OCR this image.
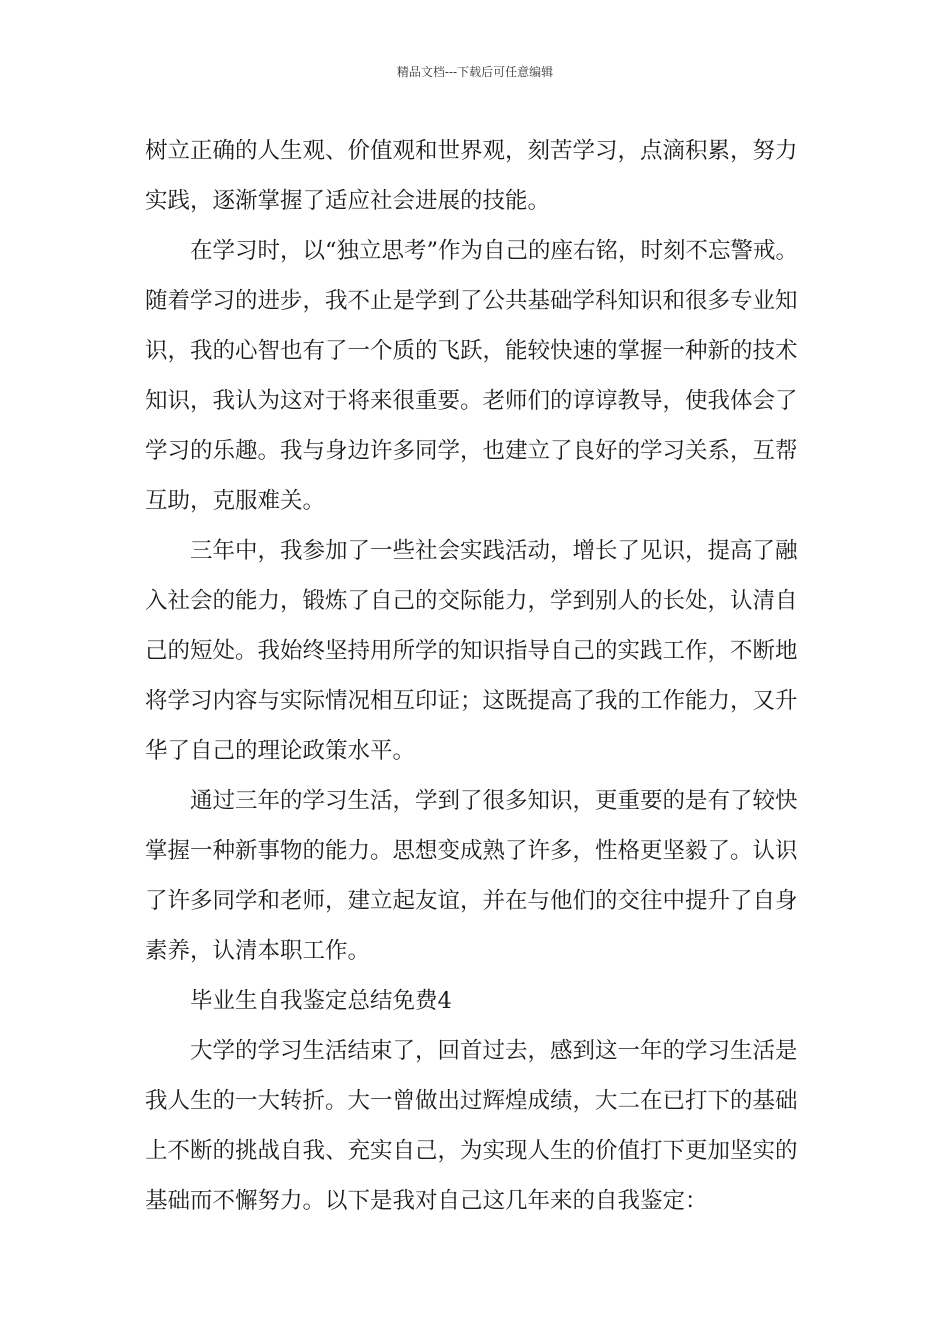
精品文档---下载后可任意编辑
树立正确的人生观、价值观和世界观，刻苦学习，点滴积累，努力
实践，逐渐掌握了适应社会进展的技能。
在学习时，以“独立思考”作为自己的座右铭，时刻不忘警戒。
随着学习的进步，我不止是学到了公共基础学科知识和很多专业知
识，我的心智也有了一个质的飞跃，能较快速的掌握一种新的技术
知识，我认为这对于将来很重要。老师们的谆谆教导，使我体会了
学习的乐趣。我与身边许多同学，也建立了良好的学习关系，互帮
互助，克服难关。
三年中，我参加了一些社会实践活动，增长了见识，提高了融
入社会的能力，锻炼了自己的交际能力，学到别人的长处，认清自
己的短处。我始终坚持用所学的知识指导自己的实践工作，不断地
将学习内容与实际情况相互印证；这既提高了我的工作能力，又升
华了自己的理论政策水平。
通过三年的学习生活，学到了很多知识，更重要的是有了较快
掌握一种新事物的能力。思想变成熟了许多，性格更坚毅了。认识
了许多同学和老师，建立起友谊，并在与他们的交往中提升了自身
素养，认清本职工作。
毕业生自我鉴定总结免费4
大学的学习生活结束了，回首过去，感到这一年的学习生活是
我人生的一大转折。大一曾做出过辉煌成绩，大二在已打下的基础
上不断的挑战自我、充实自己，为实现人生的价值打下更加坚实的
基础而不懈努力。以下是我对自己这几年来的自我鉴定：
